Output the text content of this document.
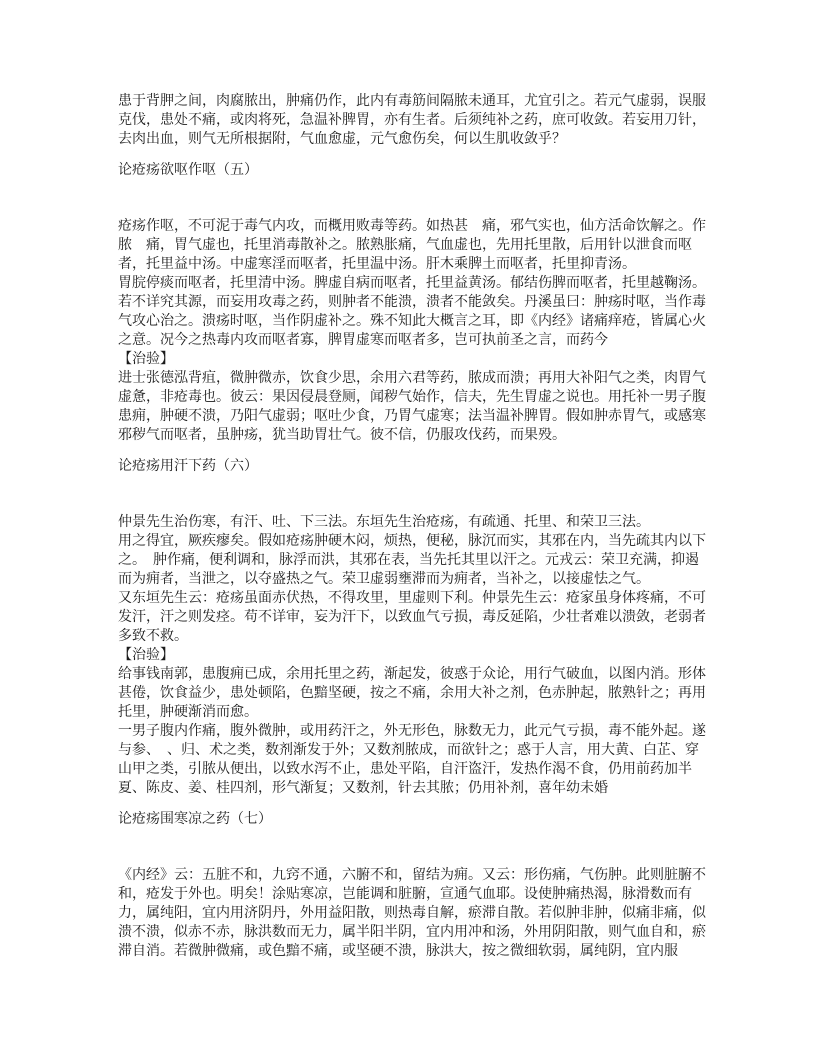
患于背胛之间，肉腐脓出，肿痛仍作，此内有毒筋间隔脓未通耳，尤宜引之。若元气虚弱，误服克伐，患处不痛，或肉将死，急温补脾胃，亦有生者。后须纯补之药，庶可收敛。若妄用刀针，去肉出血，则气无所根据附，气血愈虚，元气愈伤矣，何以生肌收敛乎？

论疮疡欲呕作呕（五）

疮疡作呕，不可泥于毒气内攻，而概用败毒等药。如热甚　痛，邪气实也，仙方活命饮解之。作脓　痛，胃气虚也，托里消毒散补之。脓熟胀痛，气血虚也，先用托里散，后用针以泄食而呕者，托里益中汤。中虚寒淫而呕者，托里温中汤。肝木乘脾土而呕者，托里抑青汤。

胃脘停痰而呕者，托里清中汤。脾虚自病而呕者，托里益黄汤。郁结伤脾而呕者，托里越鞠汤。

若不详究其源，而妄用攻毒之药，则肿者不能溃，溃者不能敛矣。丹溪虽曰：肿疡时呕，当作毒气攻心治之。溃疡时呕，当作阴虚补之。殊不知此大概言之耳，即《内经》诸痛痒疮，皆属心火之意。况今之热毒内攻而呕者寡，脾胃虚寒而呕者多，岂可执前圣之言，而药今

【治验】

进士张德泓背疽，微肿微赤，饮食少思，余用六君等药，脓成而溃；再用大补阳气之类，肉胃气虚惫，非疮毒也。彼云：果因侵晨登厕，闻秽气始作，信夫，先生胃虚之说也。用托补一男子腹患痈，肿硬不溃，乃阳气虚弱；呕吐少食，乃胃气虚寒；法当温补脾胃。假如肿赤胃气，或感寒邪秽气而呕者，虽肿疡，犹当助胃壮气。彼不信，仍服攻伐药，而果殁。

论疮疡用汗下药（六）

仲景先生治伤寒，有汗、吐、下三法。东垣先生治疮疡，有疏通、托里、和荣卫三法。

用之得宜，厥疾瘳矣。假如疮疡肿硬木闷，烦热，便秘，脉沉而实，其邪在内，当先疏其内以下之。　肿作痛，便利调和，脉浮而洪，其邪在表，当先托其里以汗之。元戎云：荣卫充满，抑遏而为痈者，当泄之，以夺盛热之气。荣卫虚弱壅滞而为痈者，当补之，以接虚怯之气。

又东垣先生云：疮疡虽面赤伏热，不得攻里，里虚则下利。仲景先生云：疮家虽身体疼痛，不可发汗，汗之则发痉。苟不详审，妄为汗下，以致血气亏损，毒反延陷，少壮者难以溃敛，老弱者多致不救。

【治验】

给事钱南郭，患腹痈已成，余用托里之药，渐起发，彼惑于众论，用行气破血，以图内消。形体甚倦，饮食益少，患处顿陷，色黯坚硬，按之不痛，余用大补之剂，色赤肿起，脓熟针之；再用托里，肿硬渐消而愈。

一男子腹内作痛，腹外微肿，或用药汗之，外无形色，脉数无力，此元气亏损，毒不能外起。遂与参、　、归、术之类，数剂渐发于外；又数剂脓成，而欲针之；惑于人言，用大黄、白芷、穿山甲之类，引脓从便出，以致水泻不止，患处平陷，自汗盗汗，发热作渴不食，仍用前药加半夏、陈皮、姜、桂四剂，形气渐复；又数剂，针去其脓；仍用补剂，喜年幼未婚

论疮疡围寒凉之药（七）

《内经》云：五脏不和，九窍不通，六腑不和，留结为痈。又云：形伤痛，气伤肿。此则脏腑不和，疮发于外也。明矣！涂贴寒凉，岂能调和脏腑，宣通气血耶。设使肿痛热渴，脉滑数而有力，属纯阳，宜内用济阴丹，外用益阳散，则热毒自解，瘀滞自散。若似肿非肿，似痛非痛，似溃不溃，似赤不赤，脉洪数而无力，属半阳半阴，宜内用冲和汤，外用阴阳散，则气血自和，瘀滞自消。若微肿微痛，或色黯不痛，或坚硬不溃，脉洪大，按之微细软弱，属纯阴，宜内服
